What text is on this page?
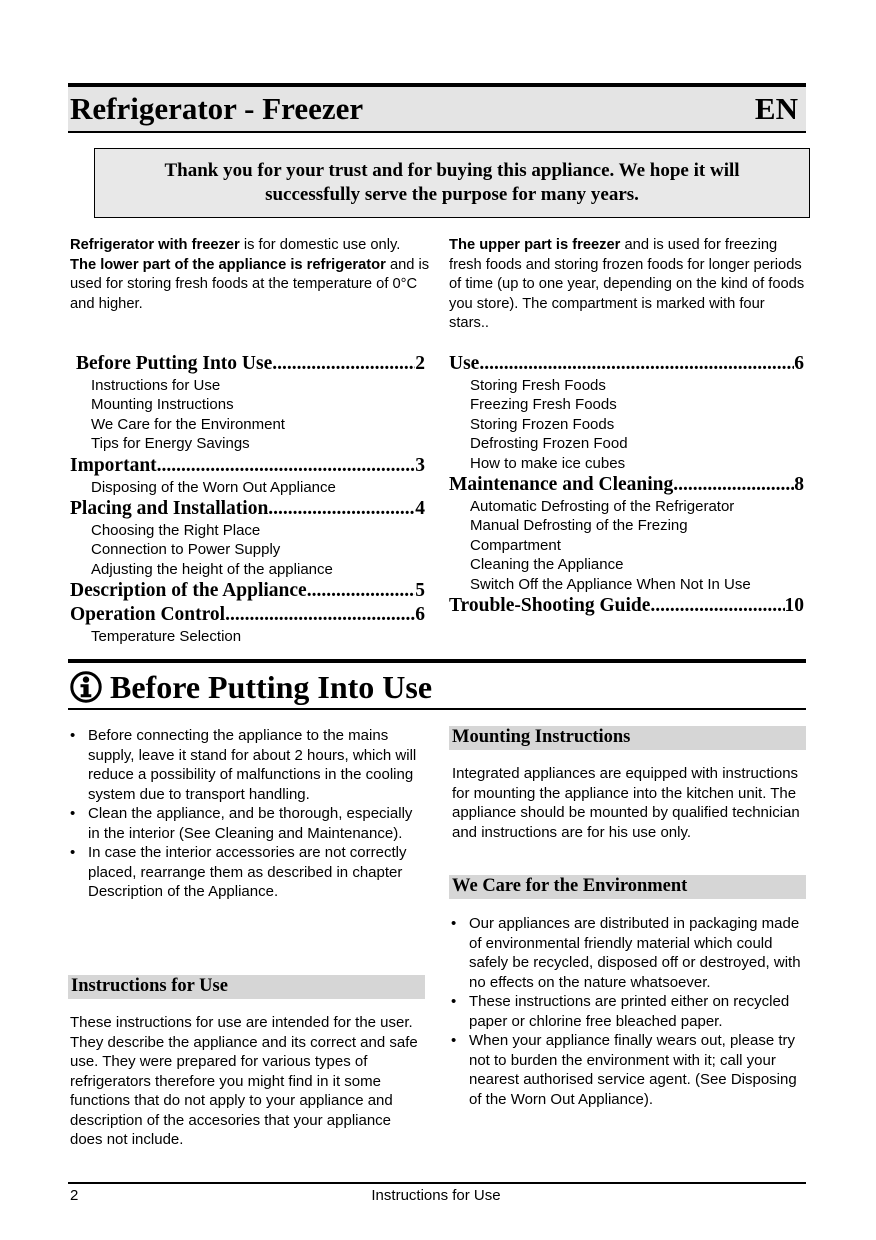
Refrigerator - Freezer	EN
Thank you for your trust and for buying this appliance. We hope it will successfully serve the purpose for many years.
Refrigerator with freezer is for domestic use only.
The lower part of the appliance is refrigerator and is used for storing fresh foods at the temperature of 0°C and higher.
The upper part is freezer and is used for freezing fresh foods and storing frozen foods for longer periods of time (up to one year, depending on the kind of foods you store). The compartment is marked with four stars..
Before Putting Into Use .....	2
Instructions for Use
Mounting Instructions
We Care for the Environment
Tips for Energy Savings
Important .....	3
Disposing of the Worn Out Appliance
Placing and Installation .....	4
Choosing the Right Place
Connection to Power Supply
Adjusting the height of the appliance
Description of the Appliance .....	5
Operation Control .....	6
Temperature Selection
Use .....	6
Storing Fresh Foods
Freezing Fresh Foods
Storing Frozen Foods
Defrosting Frozen Food
How to make ice cubes
Maintenance and Cleaning .....	8
Automatic Defrosting of the Refrigerator
Manual Defrosting of the Frezing
Compartment
Cleaning the Appliance
Switch Off the Appliance When Not In Use
Trouble-Shooting Guide .....	10
Before Putting Into Use
• Before connecting the appliance to the mains supply, leave it stand for about 2 hours, which will reduce a possibility of malfunctions in the cooling system due to transport handling.
• Clean the appliance, and be thorough, especially in the interior (See Cleaning and Maintenance).
• In case the interior accessories are not correctly placed, rearrange them as described in chapter Description of the Appliance.
Instructions for Use
These instructions for use are intended for the user. They describe the appliance and its correct and safe use. They were prepared for various types of refrigerators therefore you might find in it some functions that do not apply to your appliance and description of the accesories that your appliance does not include.
Mounting Instructions
Integrated appliances are equipped with instructions for mounting the appliance into the kitchen unit. The appliance should be mounted by qualified technician and instructions are for his use only.
We Care for the Environment
• Our appliances are distributed in packaging made of environmental friendly material which could safely be recycled, disposed off or destroyed, with no effects on the nature whatsoever.
• These instructions are printed either on recycled paper or chlorine free bleached paper.
• When your appliance finally wears out, please try not to burden the environment with it; call your nearest authorised service agent. (See Disposing of the Worn Out Appliance).
2	Instructions for Use
